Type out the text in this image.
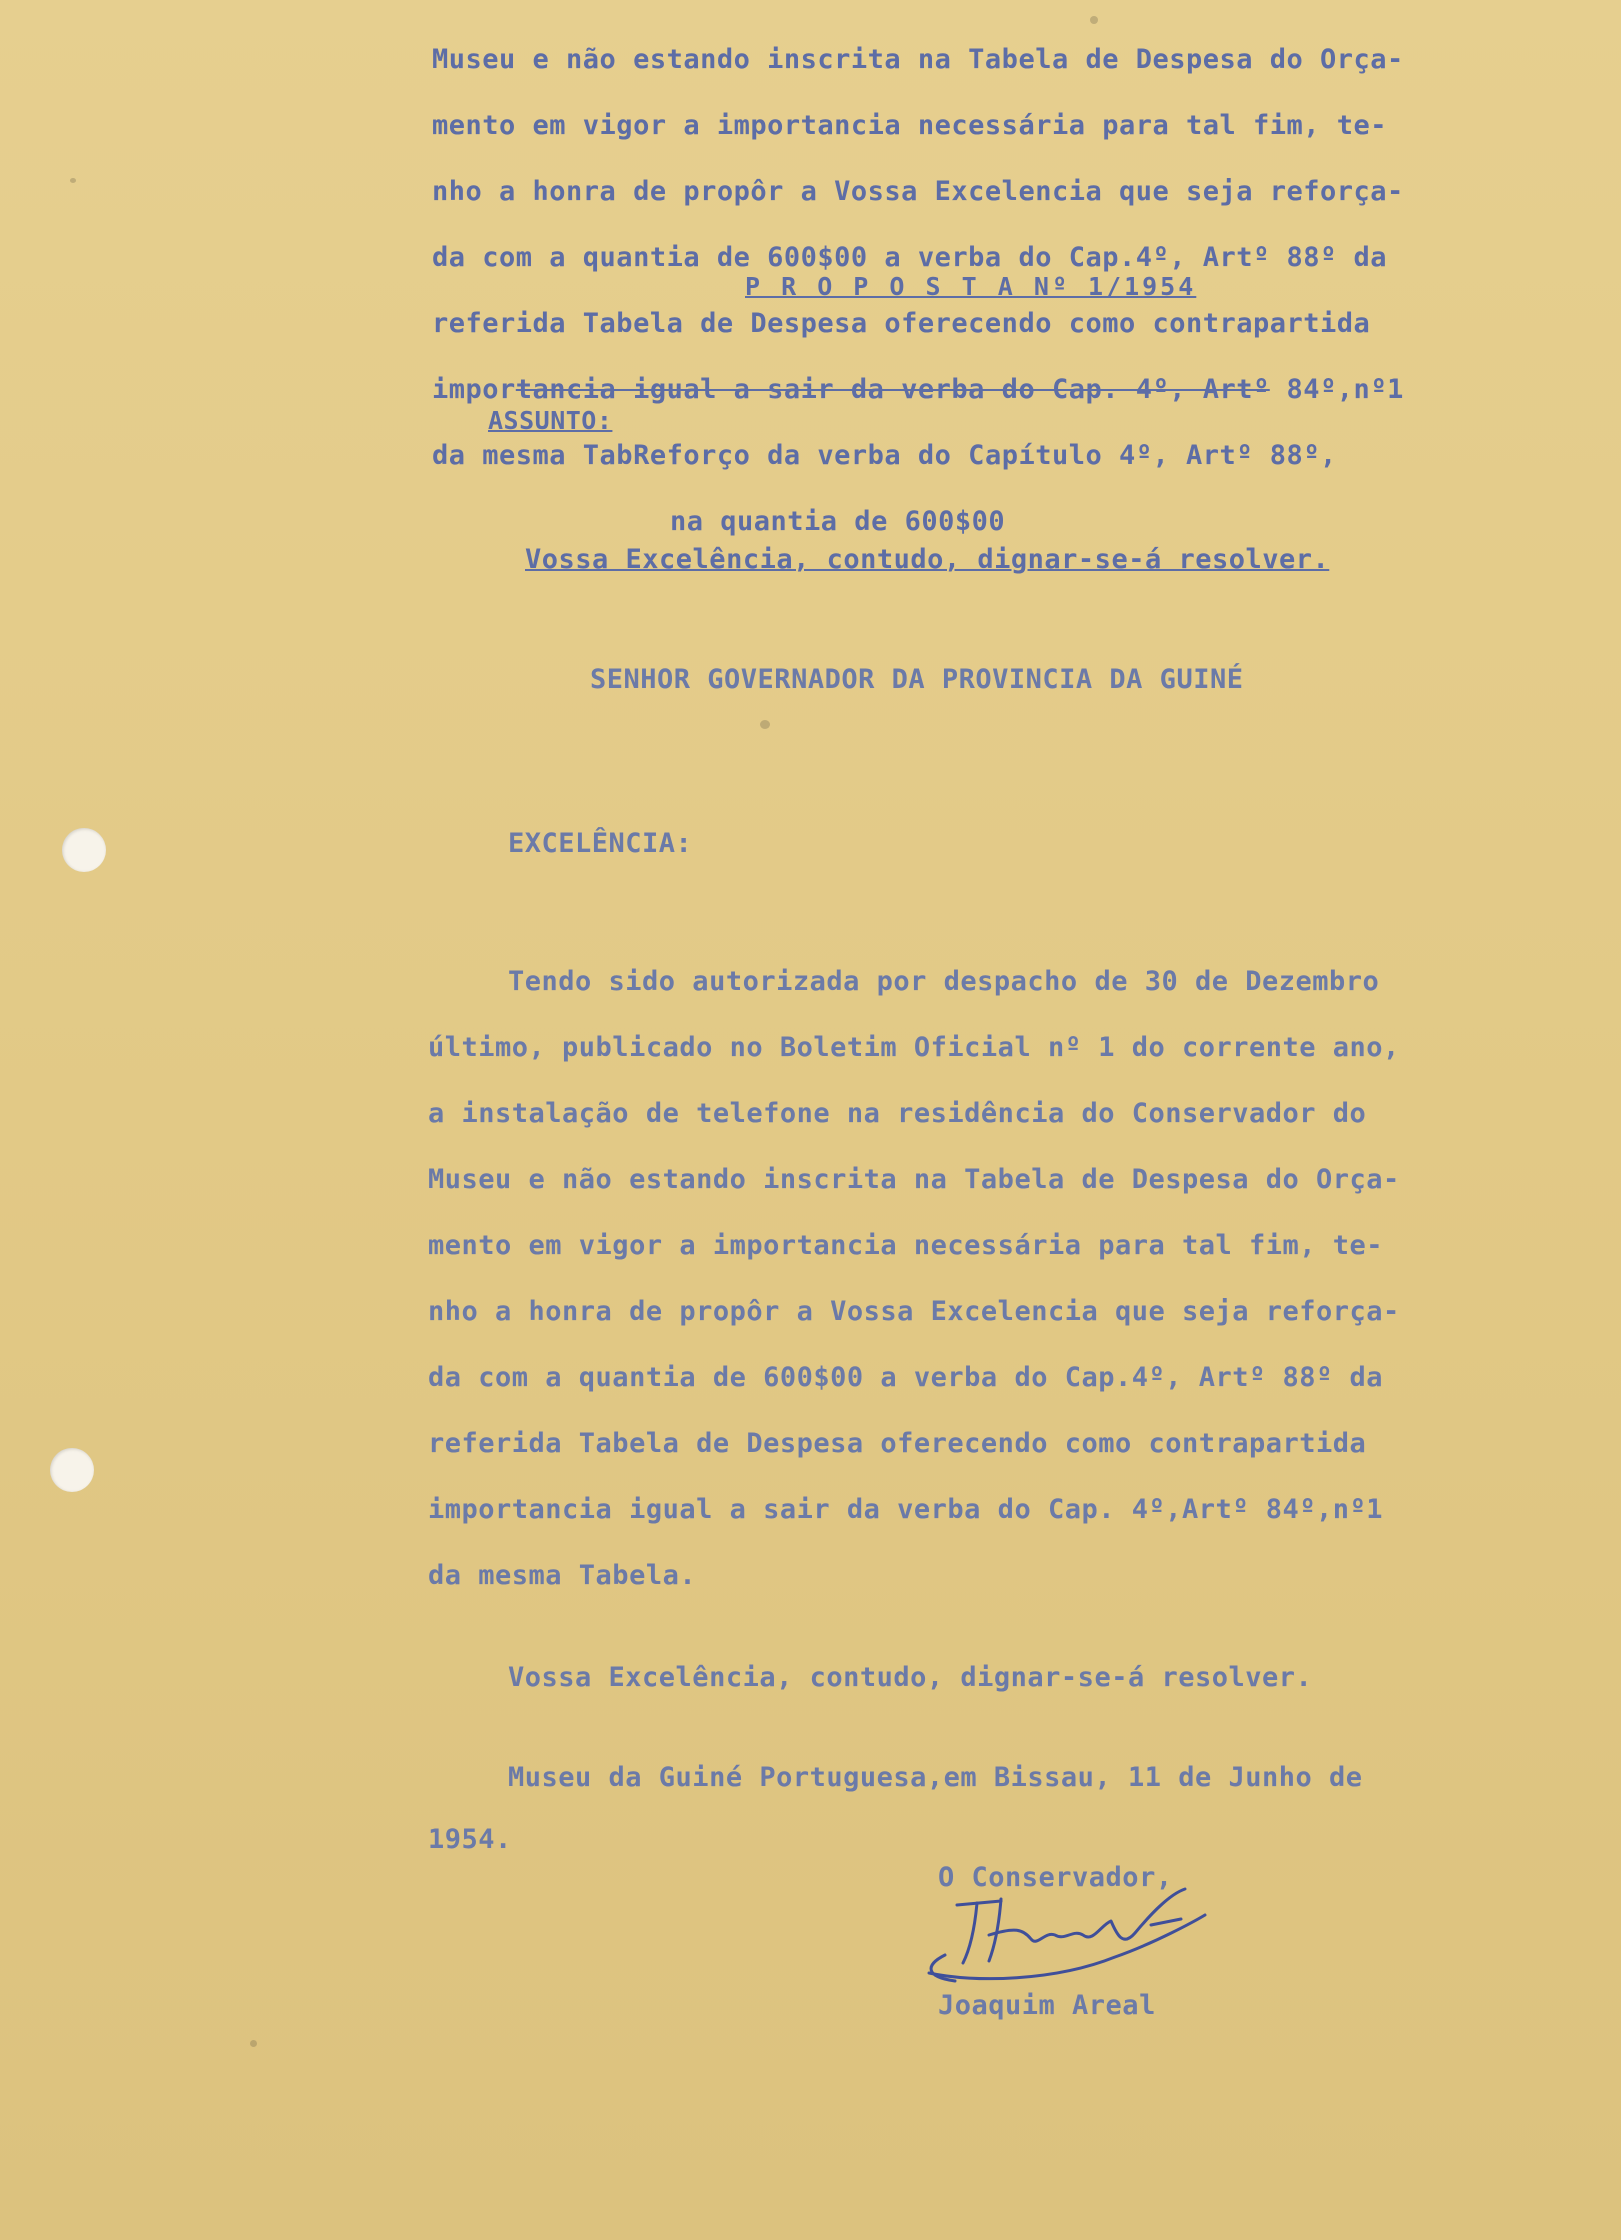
Museu e não estando inscrita na Tabela de Despesa do Orça-
mento em vigor a importancia necessária para tal fim, te-
nho a honra de propôr a Vossa Excelencia que seja reforça-
da com a quantia de 600$00 a verba do Cap.4º, Artº 88º da
P R O P O S T A Nº 1/1954
referida Tabela de Despesa oferecendo como contrapartida
importancia igual a sair da verba do Cap. 4º, Artº 84º,nº1
ASSUNTO:
da mesma TabReforço da verba do Capítulo 4º, Artº 88º,
na quantia de 600$00
Vossa Excelência, contudo, dignar-se-á resolver.
SENHOR GOVERNADOR DA PROVINCIA DA GUINÉ
EXCELÊNCIA:
Tendo sido autorizada por despacho de 30 de Dezembro
último, publicado no Boletim Oficial nº 1 do corrente ano,
a instalação de telefone na residência do Conservador do
Museu e não estando inscrita na Tabela de Despesa do Orça-
mento em vigor a importancia necessária para tal fim, te-
nho a honra de propôr a Vossa Excelencia que seja reforça-
da com a quantia de 600$00 a verba do Cap.4º, Artº 88º da
referida Tabela de Despesa oferecendo como contrapartida
importancia igual a sair da verba do Cap. 4º,Artº 84º,nº1
da mesma Tabela.
Vossa Excelência, contudo, dignar-se-á resolver.
Museu da Guiné Portuguesa,em Bissau, 11 de Junho de
1954.
O Conservador,
Joaquim Areal
